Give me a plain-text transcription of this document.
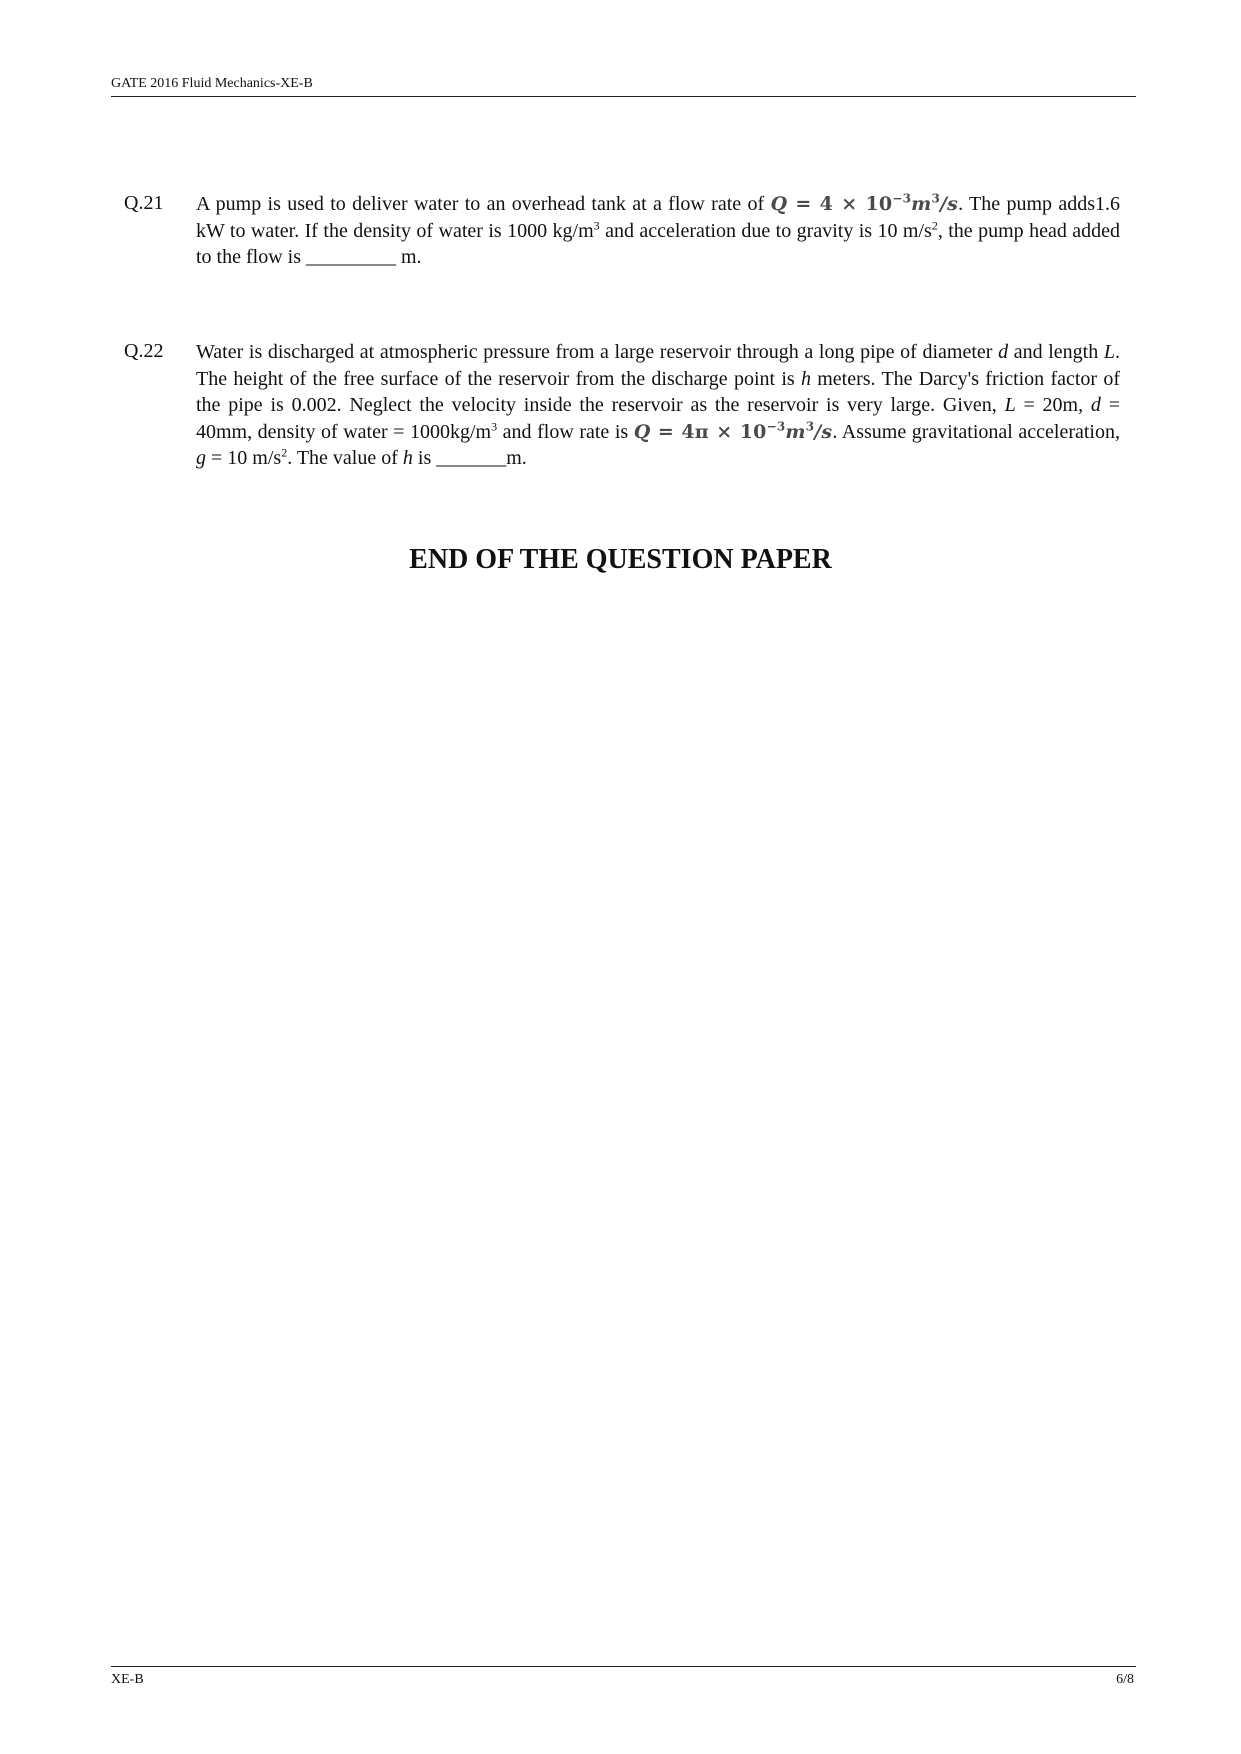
GATE 2016 Fluid Mechanics-XE-B
Q.21 A pump is used to deliver water to an overhead tank at a flow rate of $Q = 4 \times 10^{-3}m^3/s$. The pump adds1.6 kW to water. If the density of water is 1000 $kg/m^3$ and acceleration due to gravity is 10 $m/s^2$, the pump head added to the flow is _________ m.
Q.22 Water is discharged at atmospheric pressure from a large reservoir through a long pipe of diameter d and length L. The height of the free surface of the reservoir from the discharge point is h meters. The Darcy's friction factor of the pipe is 0.002. Neglect the velocity inside the reservoir as the reservoir is very large. Given, L = 20m, d = 40mm, density of water = $1000kg/m^3$ and flow rate is $Q = 4\pi \times 10^{-3}m^3/s$. Assume gravitational acceleration, g = 10 $m/s^2$. The value of h is _______m.
END OF THE QUESTION PAPER
XE-B	6/8
